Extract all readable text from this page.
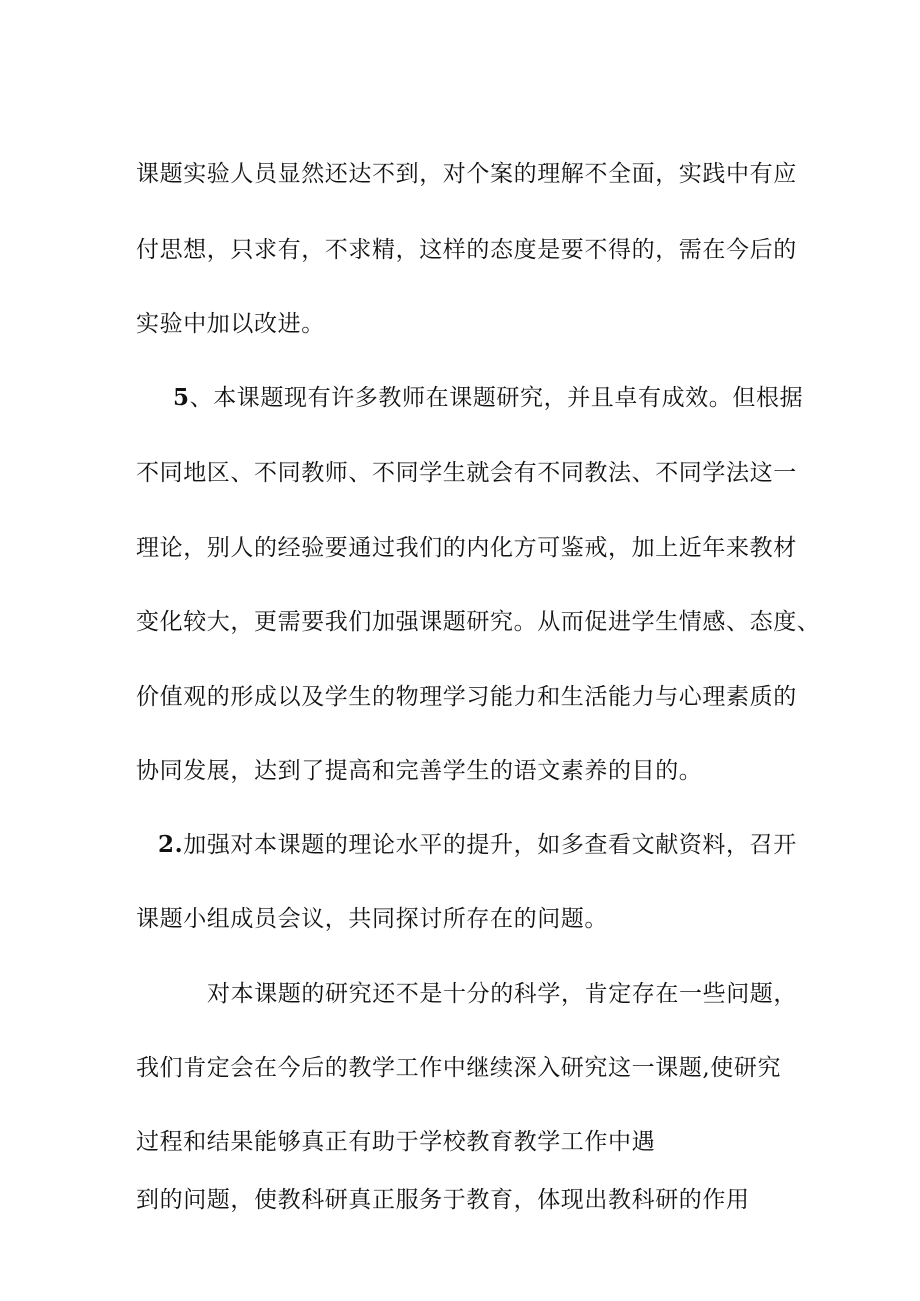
课题实验人员显然还达不到，对个案的理解不全面，实践中有应
付思想，只求有，不求精，这样的态度是要不得的，需在今后的
实验中加以改进。
5、本课题现有许多教师在课题研究，并且卓有成效。但根据
不同地区、不同教师、不同学生就会有不同教法、不同学法这一
理论，别人的经验要通过我们的内化方可鉴戒，加上近年来教材
变化较大，更需要我们加强课题研究。从而促进学生情感、态度、
价值观的形成以及学生的物理学习能力和生活能力与心理素质的
协同发展，达到了提高和完善学生的语文素养的目的。
2.加强对本课题的理论水平的提升，如多查看文献资料，召开
课题小组成员会议，共同探讨所存在的问题。
对本课题的研究还不是十分的科学，肯定存在一些问题，
我们肯定会在今后的教学工作中继续深入研究这一课题,使研究
过程和结果能够真正有助于学校教育教学工作中遇
到的问题，使教科研真正服务于教育，体现出教科研的作用
